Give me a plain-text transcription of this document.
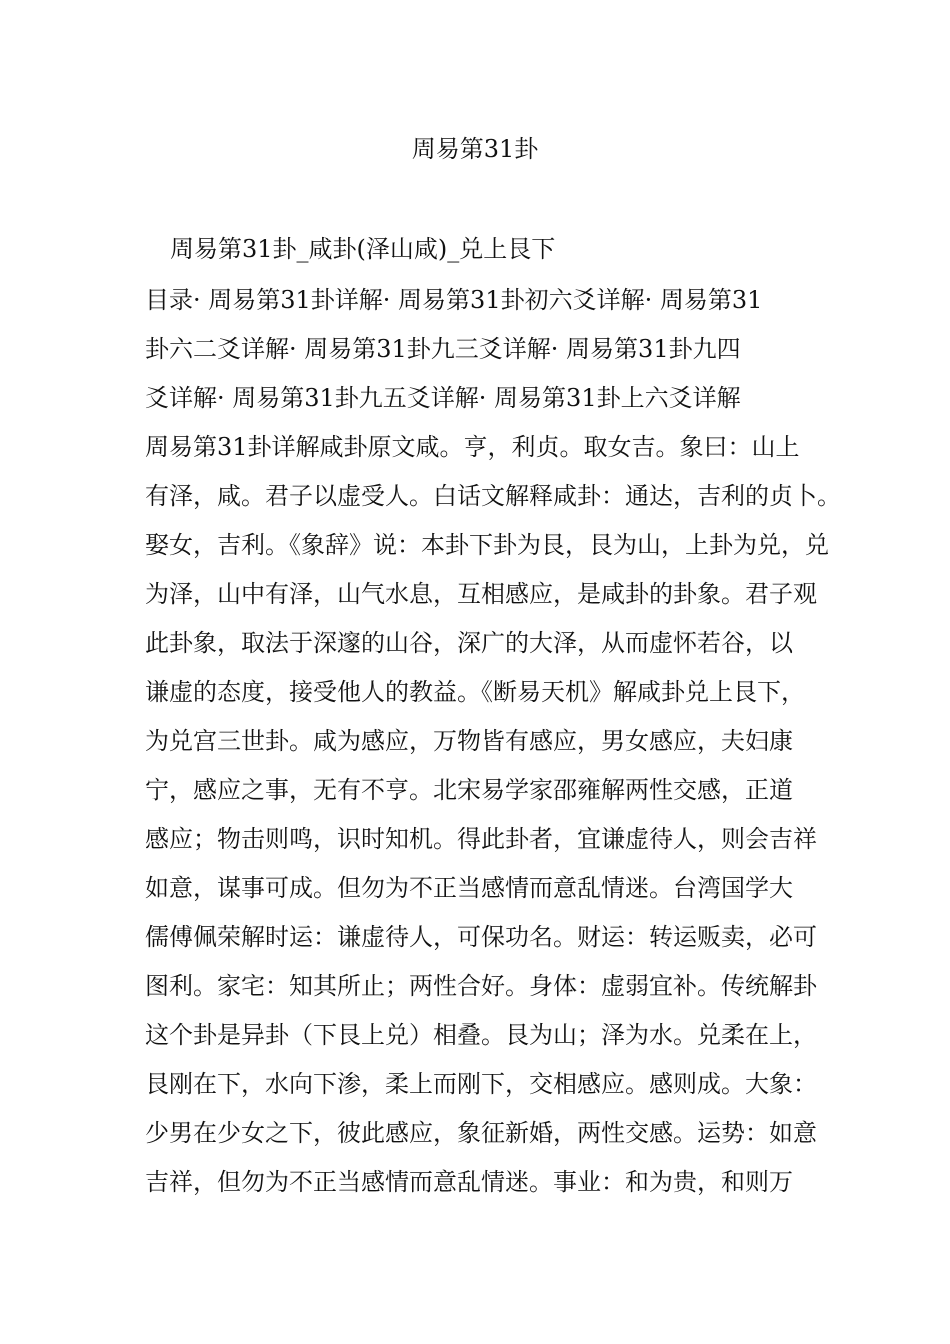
周易第31卦
周易第31卦_咸卦(泽山咸)_兑上艮下
目录· 周易第31卦详解· 周易第31卦初六爻详解· 周易第31
卦六二爻详解· 周易第31卦九三爻详解· 周易第31卦九四
爻详解· 周易第31卦九五爻详解· 周易第31卦上六爻详解
周易第31卦详解咸卦原文咸。亨，利贞。取女吉。象曰：山上
有泽，咸。君子以虚受人。白话文解释咸卦：通达，吉利的贞卜。
娶女，吉利。《象辞》说：本卦下卦为艮，艮为山，上卦为兑，兑
为泽，山中有泽，山气水息，互相感应，是咸卦的卦象。君子观
此卦象，取法于深邃的山谷，深广的大泽，从而虚怀若谷，以
谦虚的态度，接受他人的教益。《断易天机》解咸卦兑上艮下，
为兑宫三世卦。咸为感应，万物皆有感应，男女感应，夫妇康
宁，感应之事，无有不亨。北宋易学家邵雍解两性交感，正道
感应；物击则鸣，识时知机。得此卦者，宜谦虚待人，则会吉祥
如意，谋事可成。但勿为不正当感情而意乱情迷。台湾国学大
儒傅佩荣解时运：谦虚待人，可保功名。财运：转运贩卖，必可
图利。家宅：知其所止；两性合好。身体：虚弱宜补。传统解卦
这个卦是异卦（下艮上兑）相叠。艮为山；泽为水。兑柔在上，
艮刚在下，水向下渗，柔上而刚下，交相感应。感则成。大象：
少男在少女之下，彼此感应，象征新婚，两性交感。运势：如意
吉祥，但勿为不正当感情而意乱情迷。事业：和为贵，和则万
